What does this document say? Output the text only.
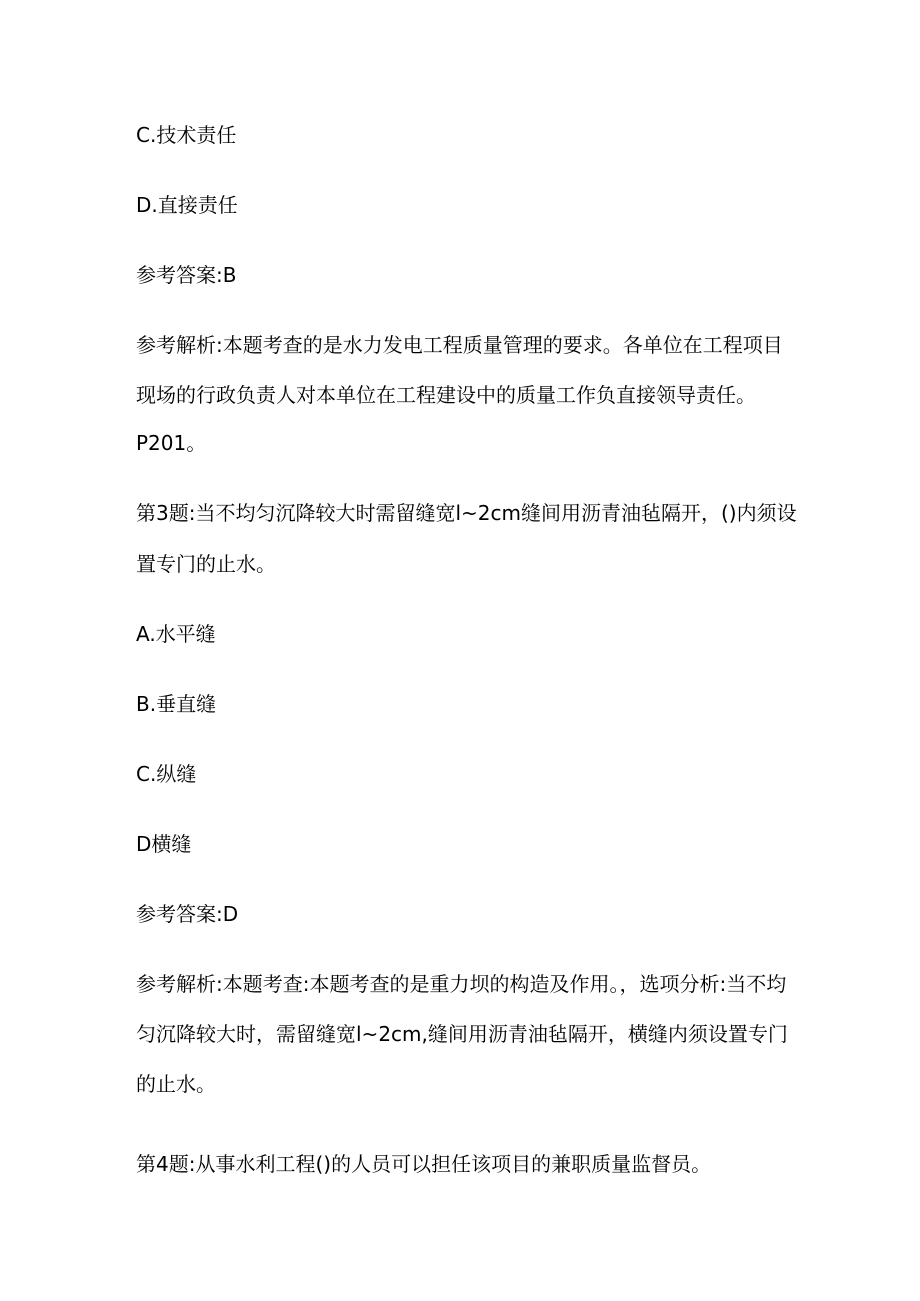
C.技术责任
D.直接责任
参考答案:B
参考解析:本题考查的是水力发电工程质量管理的要求。各单位在工程项目
现场的行政负责人对本单位在工程建设中的质量工作负直接领导责任。
P201。
第3题:当不均匀沉降较大时需留缝宽l~2cm缝间用沥青油毡隔开，()内须设
置专门的止水。
A.水平缝
B.垂直缝
C.纵缝
D横缝
参考答案:D
参考解析:本题考查:本题考查的是重力坝的构造及作用。，选项分析:当不均
匀沉降较大时，需留缝宽l~2cm,缝间用沥青油毡隔开，横缝内须设置专门
的止水。
第4题:从事水利工程()的人员可以担任该项目的兼职质量监督员。
